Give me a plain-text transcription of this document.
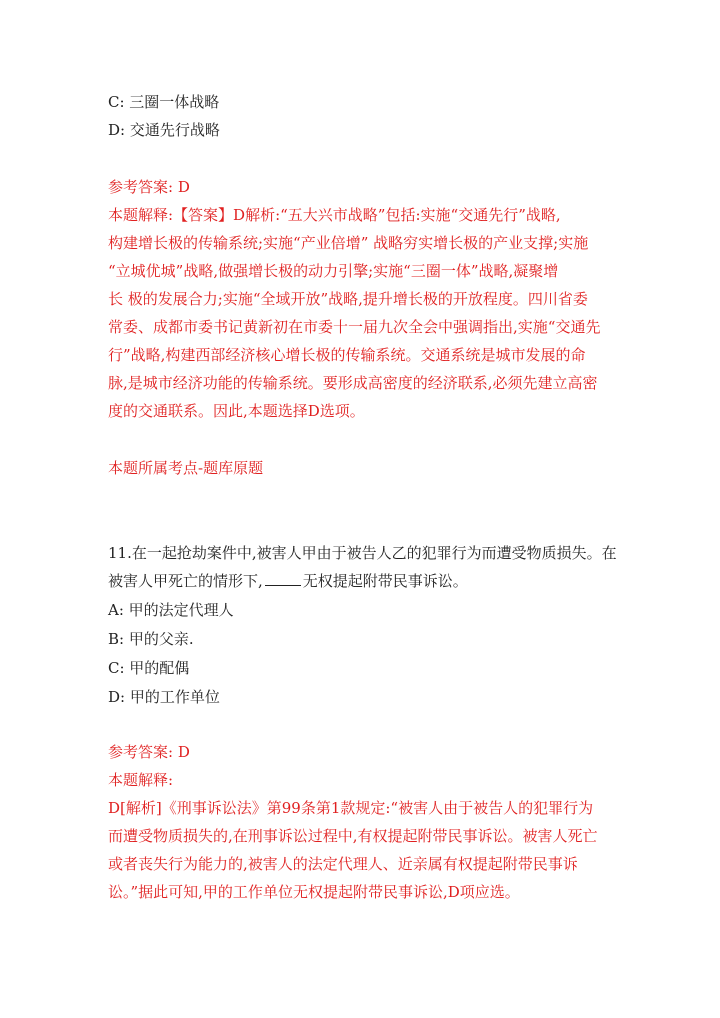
C: 三圈一体战略
D: 交通先行战略
参考答案: D
本题解释:【答案】D解析:“五大兴市战略”包括:实施“交通先行”战略,
构建增长极的传输系统;实施“产业倍增” 战略穷实增长极的产业支撑;实施
“立城优城”战略,做强增长极的动力引擎;实施“三圈一体”战略,凝聚增
长 极的发展合力;实施“全域开放”战略,提升增长极的开放程度。四川省委
常委、成都市委书记黄新初在市委十一届九次全会中强调指出,实施“交通先
行”战略,构建西部经济核心增长极的传输系统。交通系统是城市发展的命
脉,是城市经济功能的传输系统。要形成高密度的经济联系,必须先建立高密
度的交通联系。因此,本题选择D选项。
本题所属考点-题库原题
11.在一起抢劫案件中,被害人甲由于被告人乙的犯罪行为而遭受物质损失。在
被害人甲死亡的情形下,	无权提起附带民事诉讼。
A: 甲的法定代理人
B: 甲的父亲.
C: 甲的配偶
D: 甲的工作单位
参考答案: D
本题解释:
D[解析]《刑事诉讼法》第99条第1款规定:“被害人由于被告人的犯罪行为
而遭受物质损失的,在刑事诉讼过程中,有权提起附带民事诉讼。被害人死亡
或者丧失行为能力的,被害人的法定代理人、近亲属有权提起附带民事诉
讼。”据此可知,甲的工作单位无权提起附带民事诉讼,D项应选。
